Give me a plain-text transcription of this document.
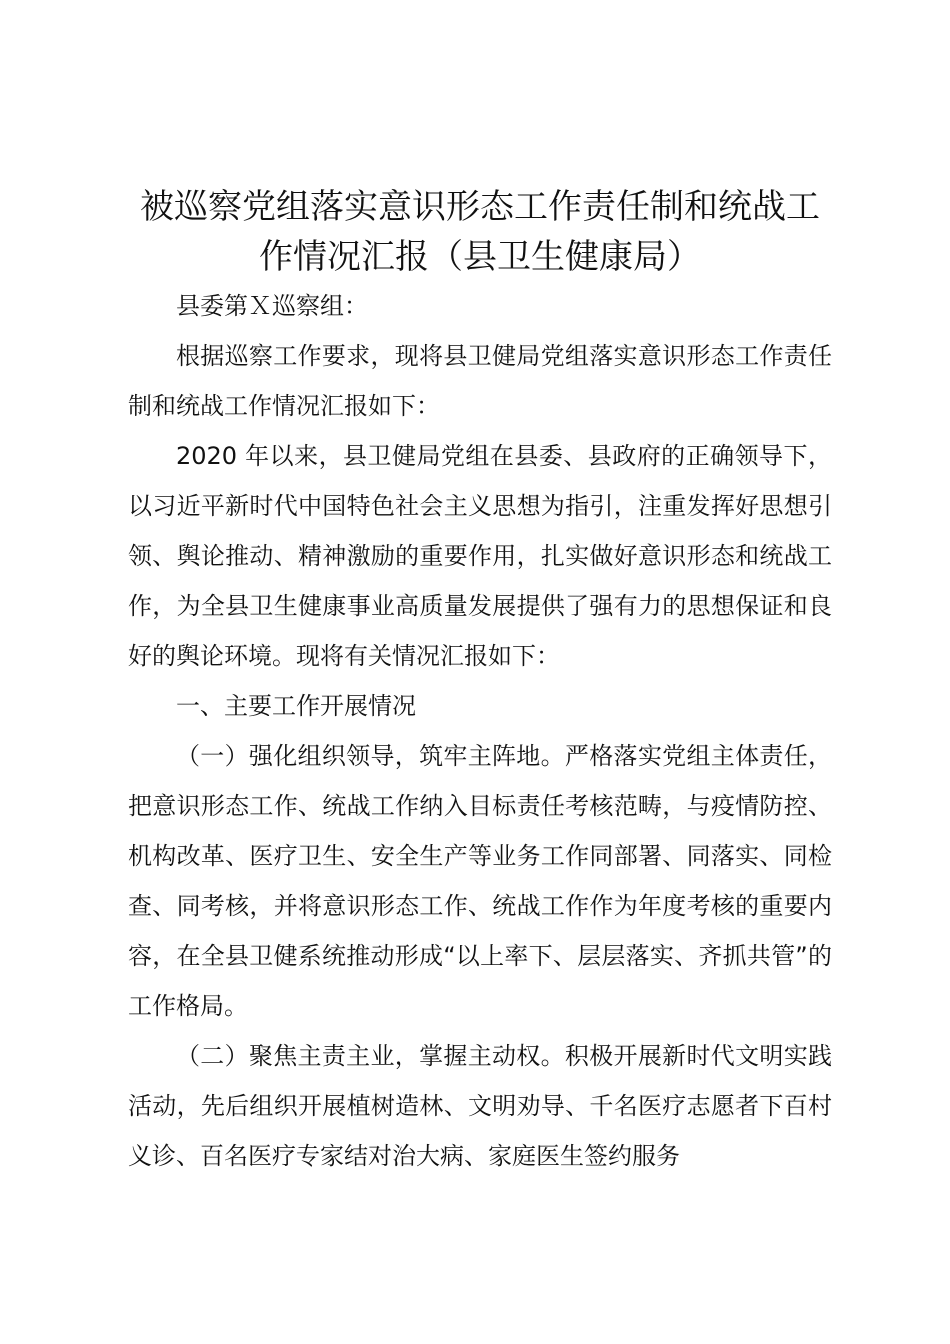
被巡察党组落实意识形态工作责任制和统战工
作情况汇报（县卫生健康局）

县委第Ｘ巡察组：

根据巡察工作要求，现将县卫健局党组落实意识形态工作责任制和统战工作情况汇报如下：

2020 年以来，县卫健局党组在县委、县政府的正确领导下，以习近平新时代中国特色社会主义思想为指引，注重发挥好思想引领、舆论推动、精神激励的重要作用，扎实做好意识形态和统战工作，为全县卫生健康事业高质量发展提供了强有力的思想保证和良好的舆论环境。现将有关情况汇报如下：

一、主要工作开展情况

（一）强化组织领导，筑牢主阵地。严格落实党组主体责任，把意识形态工作、统战工作纳入目标责任考核范畴，与疫情防控、机构改革、医疗卫生、安全生产等业务工作同部署、同落实、同检查、同考核，并将意识形态工作、统战工作作为年度考核的重要内容，在全县卫健系统推动形成“以上率下、层层落实、齐抓共管”的工作格局。

（二）聚焦主责主业，掌握主动权。积极开展新时代文明实践活动，先后组织开展植树造林、文明劝导、千名医疗志愿者下百村义诊、百名医疗专家结对治大病、家庭医生签约服务
